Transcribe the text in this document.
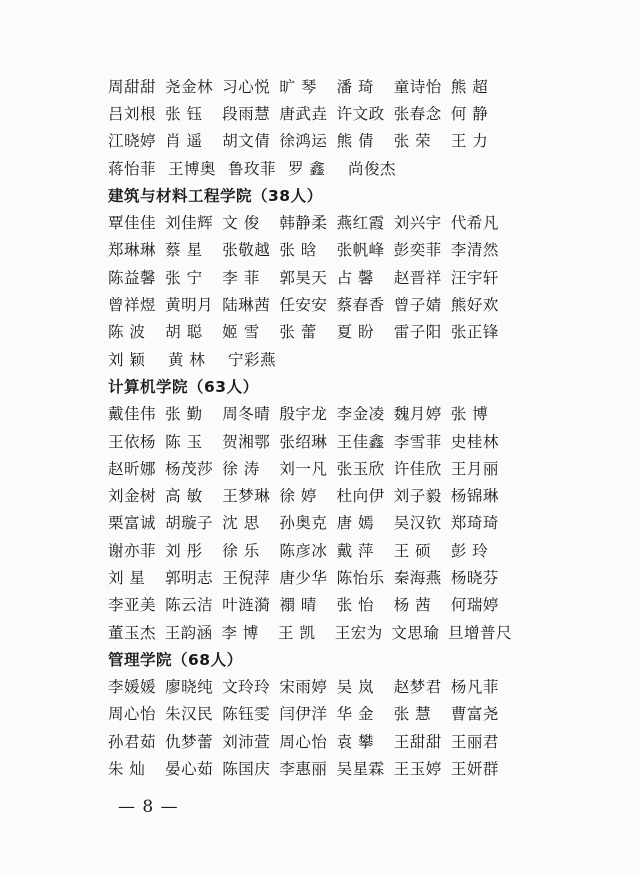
周甜甜 尧金林 习心悦 旷 琴	潘 琦	童诗怡 熊 超
吕刘根 张 钰	段雨慧 唐武垚 许文政 张春念 何 静
江晓婷 肖 遥	胡文倩 徐鸿运 熊 倩	张 荣	王 力
蒋怡菲 王博奥 鲁玫菲 罗 鑫	尚俊杰
建筑与材料工程学院（38人）
覃佳佳 刘佳辉 文 俊	韩静柔 燕红霞 刘兴宇 代希凡
郑琳琳 蔡 星	张敬越 张 晗	张帆峰 彭奕菲 李清然
陈益馨 张 宁	李 菲	郭昊天 占 馨	赵晋祥 汪宇轩
曾祥煜 黄明月 陆琳茜 任安安 蔡春香 曾子婧 熊好欢
陈 波	胡 聪	姬 雪	张 蕾	夏 盼	雷子阳 张正锋
刘 颖	黄 林	宁彩燕
计算机学院（63人）
戴佳伟 张 勤	周冬晴 殷宇龙 李金凌 魏月婷 张 博
王依杨 陈 玉	贺湘鄂 张绍琳 王佳鑫 李雪菲 史桂林
赵昕娜 杨茂莎 徐 涛	刘一凡 张玉欣 许佳欣 王月丽
刘金树 高 敏	王梦琳 徐 婷	杜向伊 刘子毅 杨锦琳
栗富诚 胡璇子 沈 思	孙奥克 唐 嫣	吴汉钦 郑琦琦
谢亦菲 刘 彤	徐 乐	陈彦冰 戴 萍	王 硕	彭 玲
刘 星	郭明志 王倪萍 唐少华 陈怡乐 秦海燕 杨晓芬
李亚美 陈云洁 叶涟漪 禤 晴	张 怡	杨 茜	何瑞婷
董玉杰 王韵涵 李 博	王 凯	王宏为 文思瑜 旦增普尺
管理学院（68人）
李媛媛 廖晓纯 文玲玲 宋雨婷 吴 岚	赵梦君 杨凡菲
周心怡 朱汉民 陈钰雯 闫伊洋 华 金	张 慧	曹富尧
孙君茹 仇梦蕾 刘沛萱 周心怡 袁 攀	王甜甜 王丽君
朱 灿	晏心茹 陈国庆 李惠丽 吴星霖 王玉婷 王妍群
— 8 —
